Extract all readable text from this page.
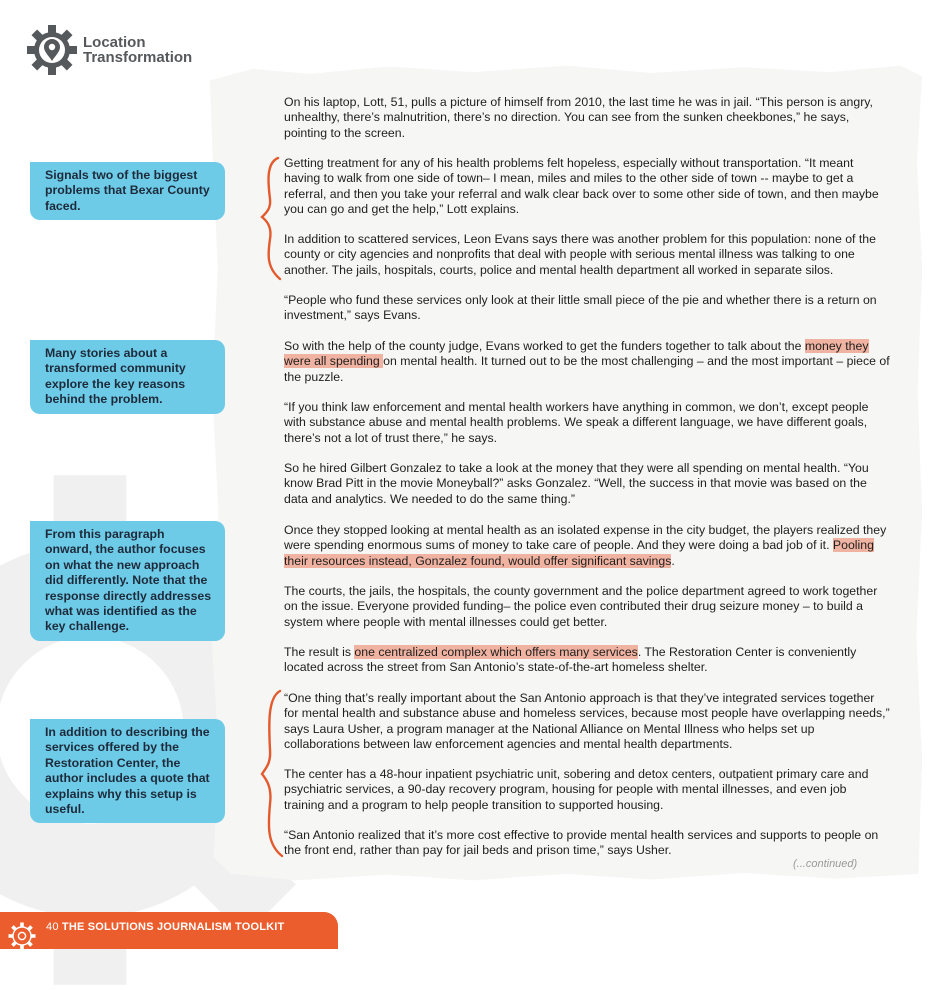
Location
Transformation
Signals two of the biggest problems that Bexar County faced.
Many stories about a transformed community explore the key reasons behind the problem.
From this paragraph onward, the author focuses on what the new approach did differently. Note that the response directly addresses what was identified as the key challenge.
In addition to describing the services offered by the Restoration Center, the author includes a quote that explains why this setup is useful.

On his laptop, Lott, 51, pulls a picture of himself from 2010, the last time he was in jail. “This person is angry, unhealthy, there’s malnutrition, there’s no direction. You can see from the sunken cheekbones,” he says, pointing to the screen.

Getting treatment for any of his health problems felt hopeless, especially without transportation. “It meant having to walk from one side of town– I mean, miles and miles to the other side of town -- maybe to get a referral, and then you take your referral and walk clear back over to some other side of town, and then maybe you can go and get the help,” Lott explains.

In addition to scattered services, Leon Evans says there was another problem for this population: none of the county or city agencies and nonprofits that deal with people with serious mental illness was talking to one another. The jails, hospitals, courts, police and mental health department all worked in separate silos.

“People who fund these services only look at their little small piece of the pie and whether there is a return on investment,” says Evans.

So with the help of the county judge, Evans worked to get the funders together to talk about the money they were all spending on mental health. It turned out to be the most challenging – and the most important – piece of the puzzle.

“If you think law enforcement and mental health workers have anything in common, we don’t, except people with substance abuse and mental health problems. We speak a different language, we have different goals, there’s not a lot of trust there,” he says.

So he hired Gilbert Gonzalez to take a look at the money that they were all spending on mental health. “You know Brad Pitt in the movie Moneyball?” asks Gonzalez. “Well, the success in that movie was based on the data and analytics. We needed to do the same thing.”

Once they stopped looking at mental health as an isolated expense in the city budget, the players realized they were spending enormous sums of money to take care of people. And they were doing a bad job of it. Pooling their resources instead, Gonzalez found, would offer significant savings.

The courts, the jails, the hospitals, the county government and the police department agreed to work together on the issue. Everyone provided funding– the police even contributed their drug seizure money – to build a system where people with mental illnesses could get better.

The result is one centralized complex which offers many services. The Restoration Center is conveniently located across the street from San Antonio’s state-of-the-art homeless shelter.

“One thing that’s really important about the San Antonio approach is that they’ve integrated services together for mental health and substance abuse and homeless services, because most people have overlapping needs,” says Laura Usher, a program manager at the National Alliance on Mental Illness who helps set up collaborations between law enforcement agencies and mental health departments.

The center has a 48-hour inpatient psychiatric unit, sobering and detox centers, outpatient primary care and psychiatric services, a 90-day recovery program, housing for people with mental illnesses, and even job training and a program to help people transition to supported housing.

“San Antonio realized that it’s more cost effective to provide mental health services and supports to people on the front end, rather than pay for jail beds and prison time,” says Usher.

(...continued)
40 THE SOLUTIONS JOURNALISM TOOLKIT
